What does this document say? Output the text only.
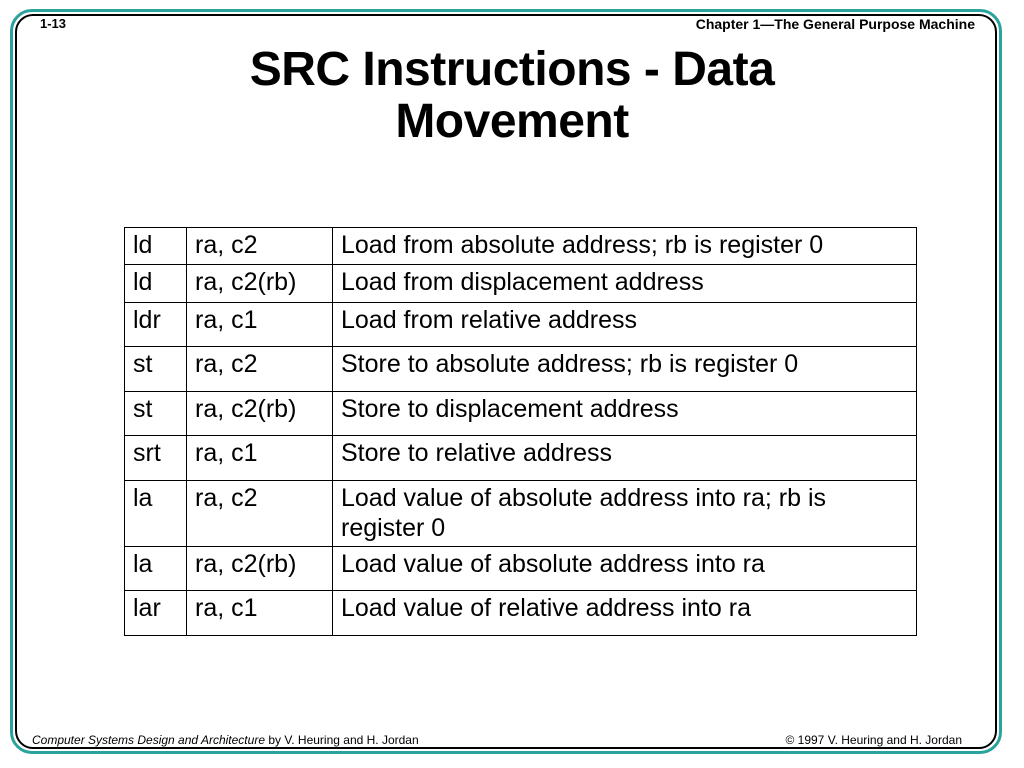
1-13	Chapter 1—The General Purpose Machine
SRC Instructions - Data
Movement
ld	ra, c2	Load from absolute address; rb is register 0
ld	ra, c2(rb)	Load from displacement address
ldr	ra, c1	Load from relative address
st	ra, c2	Store to absolute address; rb is register 0
st	ra, c2(rb)	Store to displacement address
srt	ra, c1	Store to relative address
la	ra, c2	Load value of absolute address into ra; rb is register 0
la	ra, c2(rb)	Load value of absolute address into ra
lar	ra, c1	Load value of relative address into ra
Computer Systems Design and Architecture by V. Heuring and H. Jordan	© 1997 V. Heuring and H. Jordan
